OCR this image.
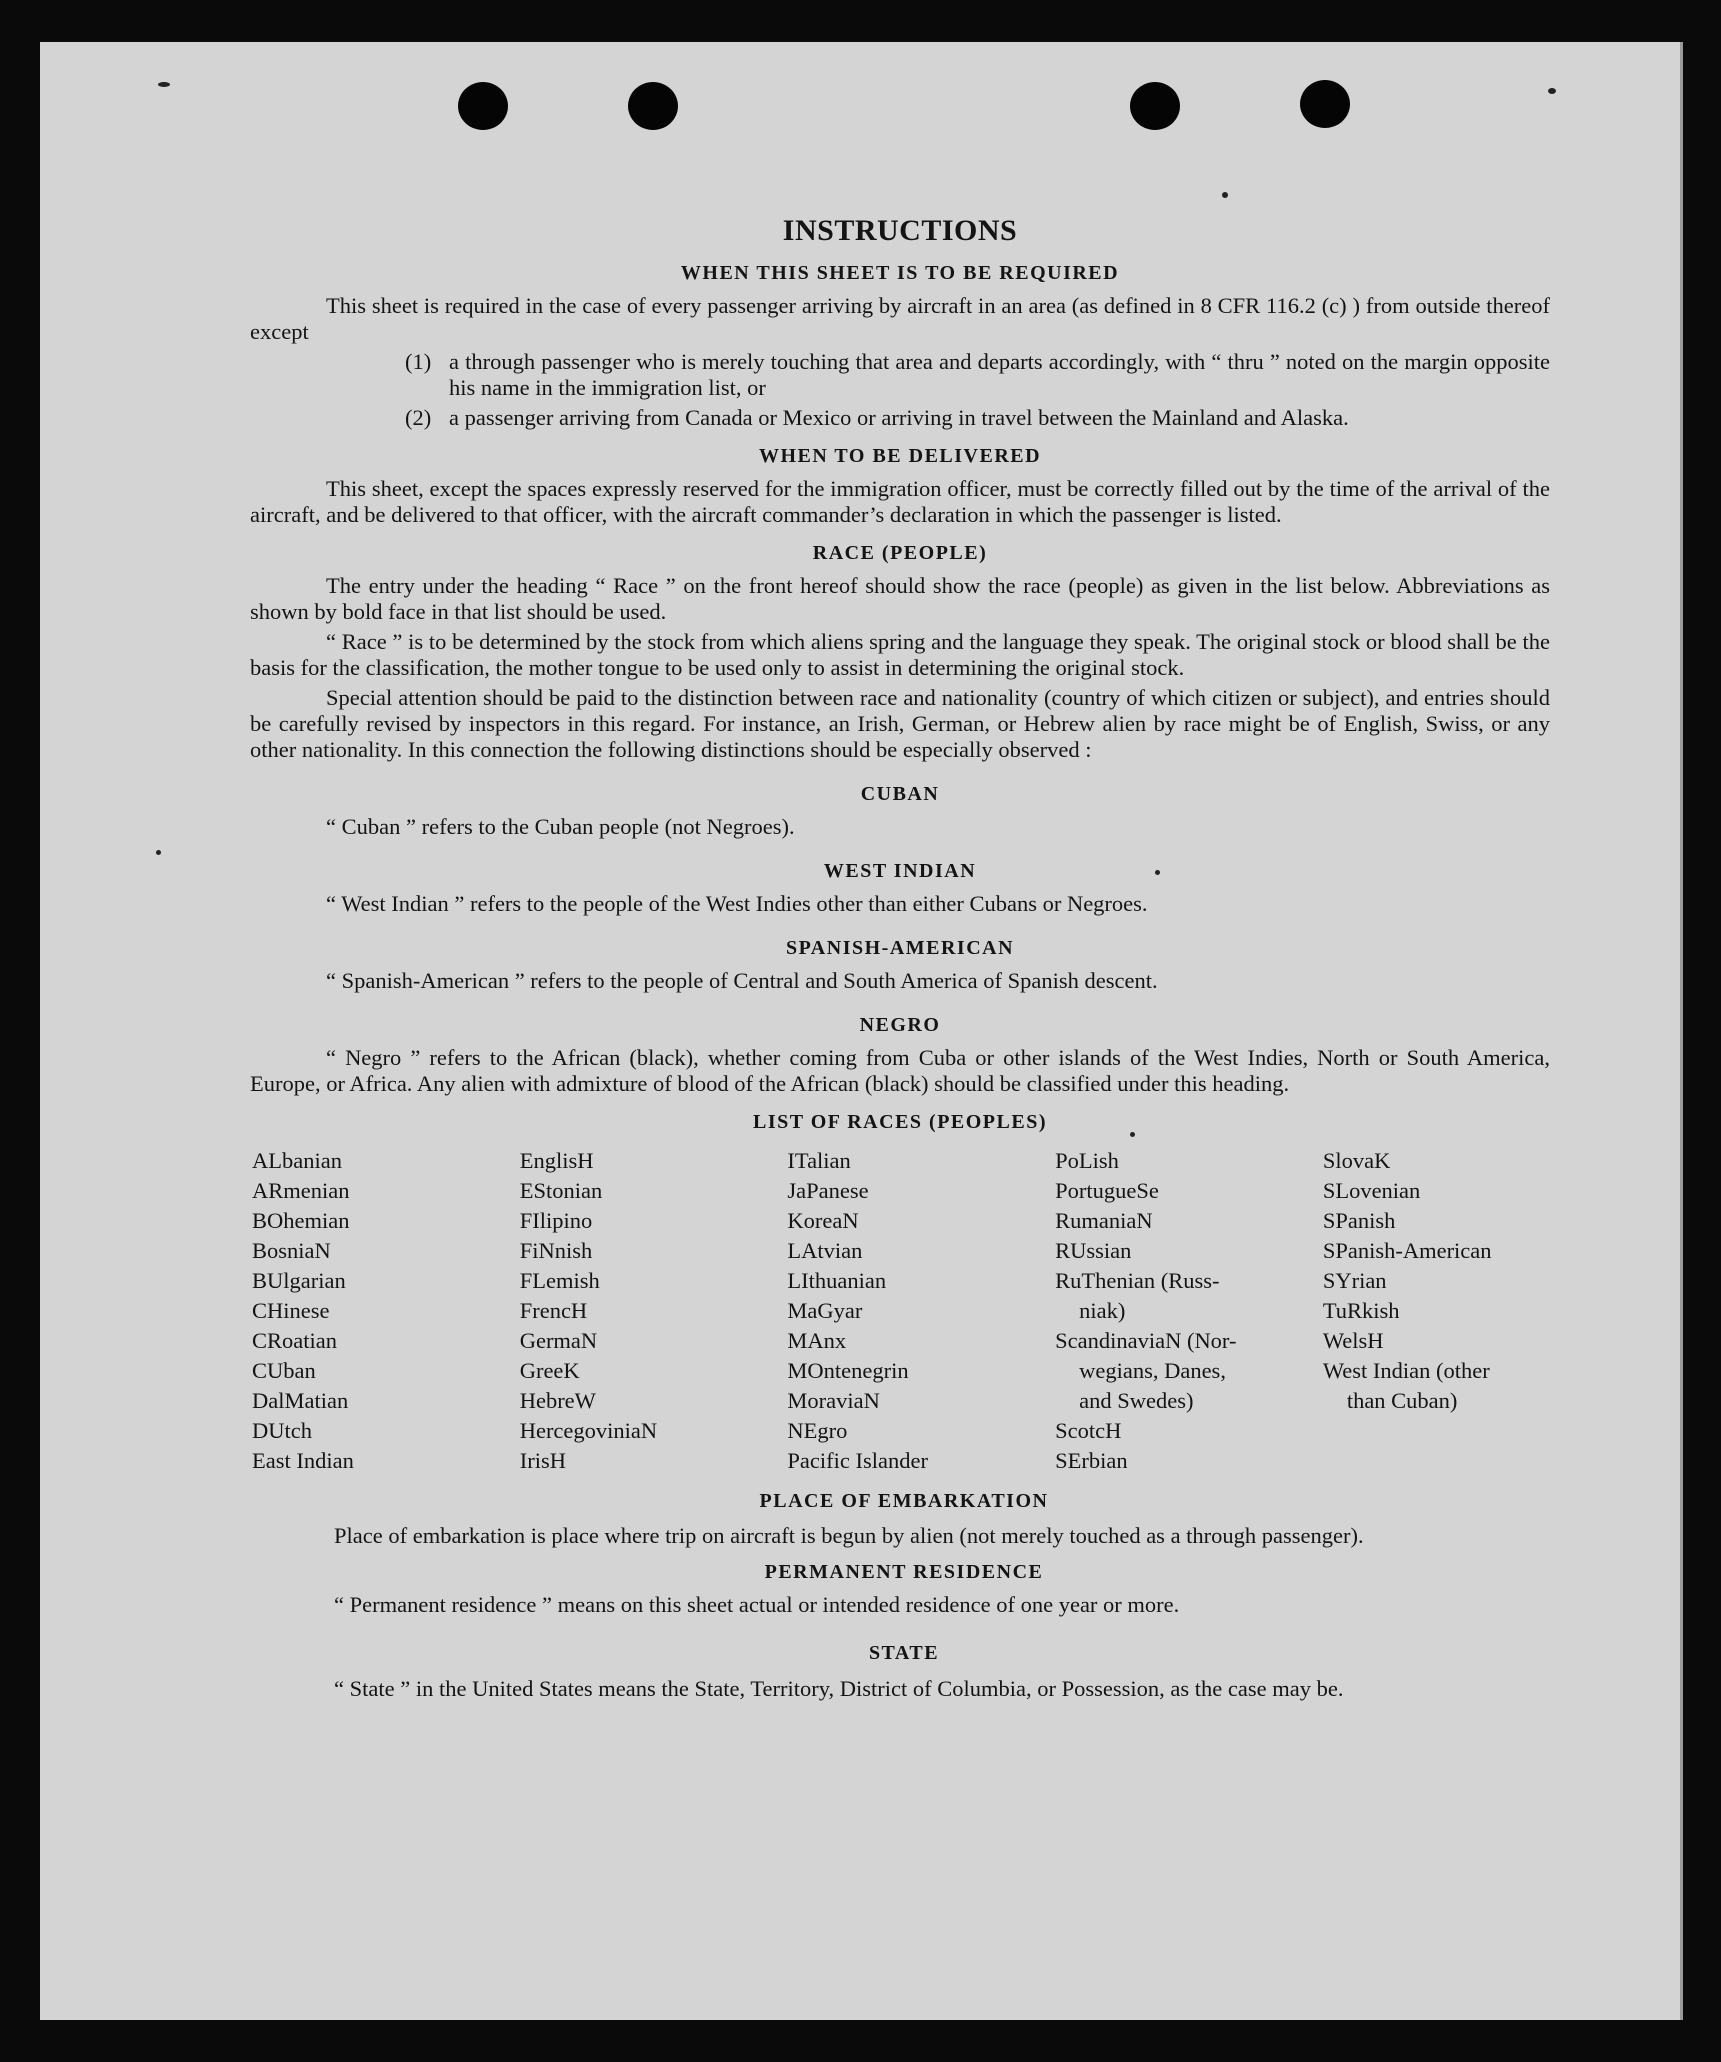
INSTRUCTIONS
WHEN THIS SHEET IS TO BE REQUIRED

This sheet is required in the case of every passenger arriving by aircraft in an area (as defined in 8 CFR 116.2 (c) ) from outside thereof except

(1) a through passenger who is merely touching that area and departs accordingly, with “ thru ” noted on the margin opposite his name in the immigration list, or
(2) a passenger arriving from Canada or Mexico or arriving in travel between the Mainland and Alaska.
WHEN TO BE DELIVERED

This sheet, except the spaces expressly reserved for the immigration officer, must be correctly filled out by the time of the arrival of the aircraft, and be delivered to that officer, with the aircraft commander’s declaration in which the passenger is listed.

RACE (PEOPLE)

The entry under the heading “ Race ” on the front hereof should show the race (people) as given in the list below. Abbreviations as shown by bold face in that list should be used.

“ Race ” is to be determined by the stock from which aliens spring and the language they speak. The original stock or blood shall be the basis for the classification, the mother tongue to be used only to assist in determining the original stock.

Special attention should be paid to the distinction between race and nationality (country of which citizen or subject), and entries should be carefully revised by inspectors in this regard. For instance, an Irish, German, or Hebrew alien by race might be of English, Swiss, or any other nationality. In this connection the following distinctions should be especially observed :

CUBAN

“ Cuban ” refers to the Cuban people (not Negroes).

WEST INDIAN

“ West Indian ” refers to the people of the West Indies other than either Cubans or Negroes.

SPANISH-AMERICAN

“ Spanish-American ” refers to the people of Central and South America of Spanish descent.

NEGRO

“ Negro ” refers to the African (black), whether coming from Cuba or other islands of the West Indies, North or South America, Europe, or Africa. Any alien with admixture of blood of the African (black) should be classified under this heading.

LIST OF RACES (PEOPLES)
ALbanian
ARmenian
BOhemian
BosniaN
BUlgarian
CHinese
CRoatian
CUban
DalMatian
DUtch
East Indian
EnglisH
EStonian
FIlipino
FiNnish
FLemish
FrencH
GermaN
GreeK
HebreW
HercegoviniaN
IrisH
ITalian
JaPanese
KoreaN
LAtvian
LIthuanian
MaGyar
MAnx
MOntenegrin
MoraviaN
NEgro
Pacific Islander
PoLish
PortugueSe
RumaniaN
RUssian
RuThenian (Russ-
niak)
ScandinaviaN (Nor-
wegians, Danes,
and Swedes)
ScotcH
SErbian
SlovaK
SLovenian
SPanish
SPanish-American
SYrian
TuRkish
WelsH
West Indian (other
than Cuban)
PLACE OF EMBARKATION

Place of embarkation is place where trip on aircraft is begun by alien (not merely touched as a through passenger).

PERMANENT RESIDENCE

“ Permanent residence ” means on this sheet actual or intended residence of one year or more.

STATE

“ State ” in the United States means the State, Territory, District of Columbia, or Possession, as the case may be.
